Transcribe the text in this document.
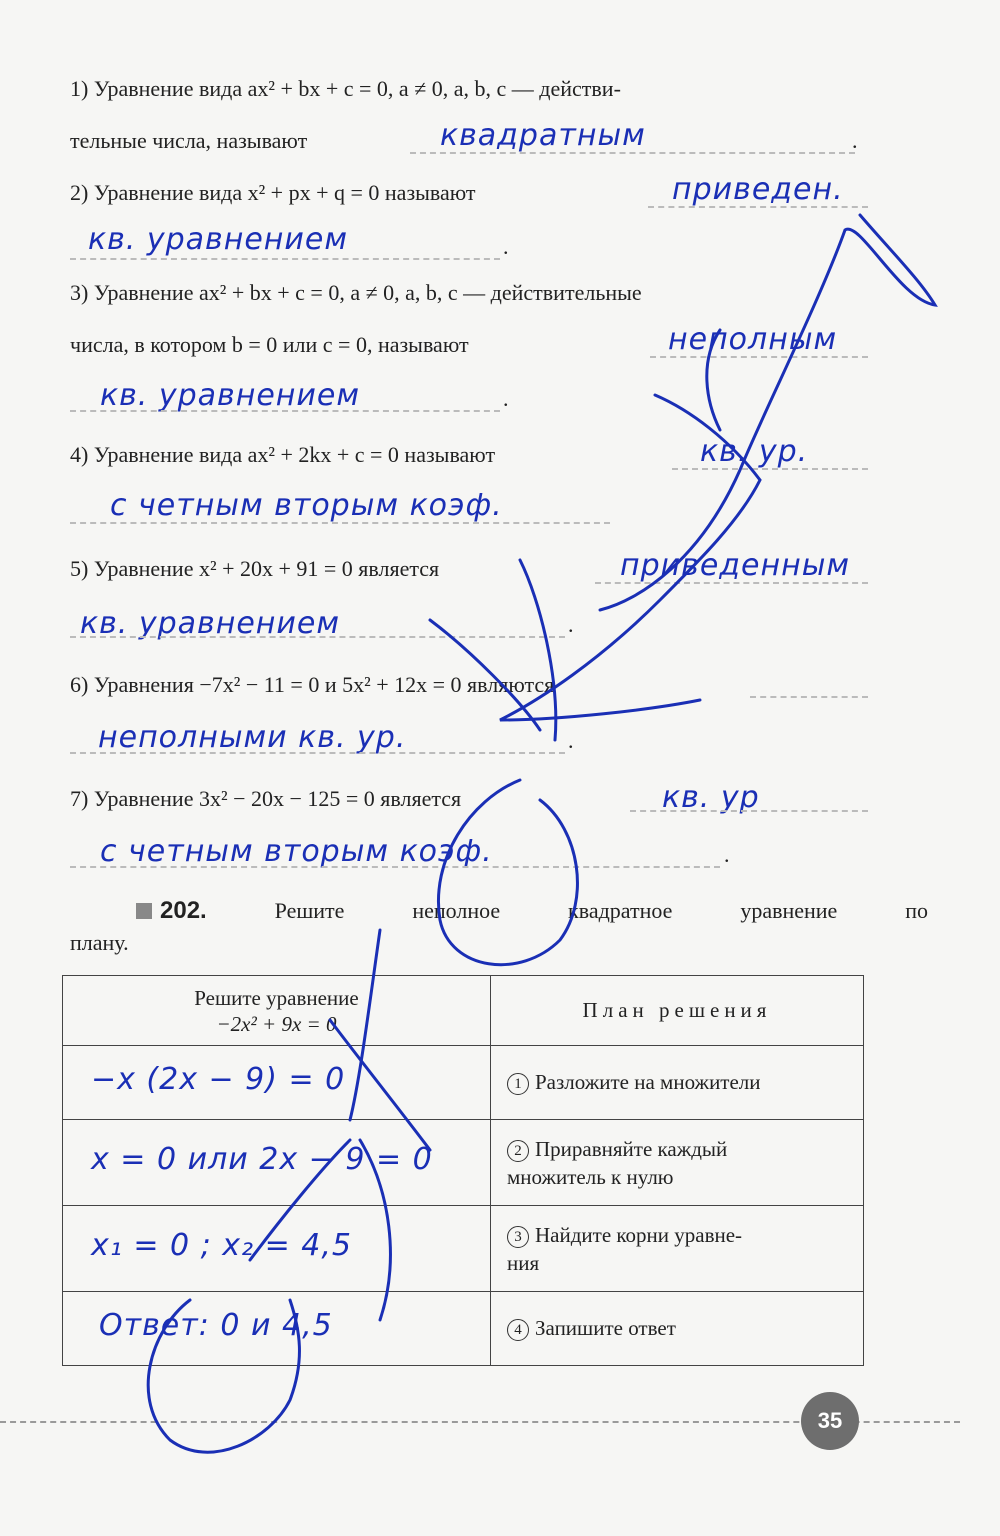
1) Уравнение вида ax² + bx + c = 0, a ≠ 0, a, b, c — действи-
тельные числа, называют	квадратным	.
2) Уравнение вида x² + px + q = 0 называют	приведен.
кв. уравнением	.
3) Уравнение ax² + bx + c = 0, a ≠ 0, a, b, c — действительные
числа, в котором b = 0 или c = 0, называют	неполным
кв. уравнением	.
4) Уравнение вида ax² + 2kx + c = 0 называют	кв. ур.
с четным вторым коэф.
5) Уравнение x² + 20x + 91 = 0 является	приведенным
кв. уравнением	.
6) Уравнения −7x² − 11 = 0 и 5x² + 12x = 0 являются
неполными кв. ур.	.
7) Уравнение 3x² − 20x − 125 = 0 является	кв. ур
с четным вторым коэф.	.
202.	Решите неполное квадратное уравнение по
плану.
Решите уравнение
−2x² + 9x = 0	План решения

−x (2x − 9) = 0	1 Разложите на множители

x = 0 или 2x − 9 = 0	2 Приравняйте каждый
множитель к нулю

x₁ = 0 ; x₂ = 4,5	3 Найдите корни уравне-
ния

Ответ: 0 и 4,5	4 Запишите ответ
35
